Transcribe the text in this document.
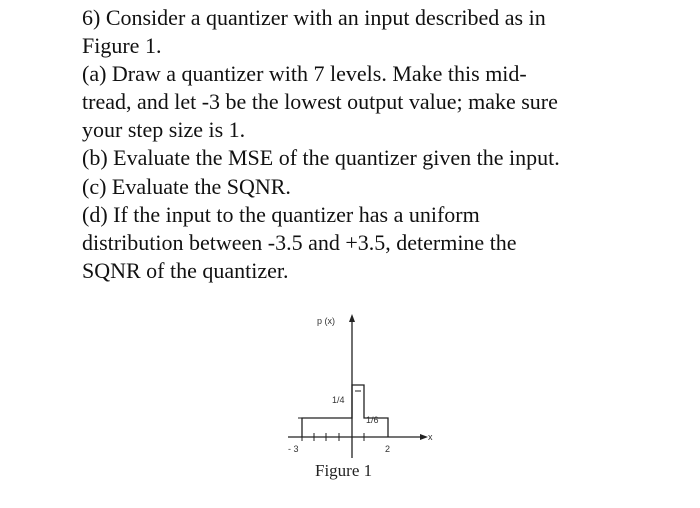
6) Consider a quantizer with an input described as in
Figure 1.
(a) Draw a quantizer with 7 levels. Make this mid-
tread, and let -3 be the lowest output value; make sure
your step size is 1.
(b) Evaluate the MSE of the quantizer given the input.
(c) Evaluate the SQNR.
(d) If the input to the quantizer has a uniform
distribution between -3.5 and +3.5, determine the
SQNR of the quantizer.
p (x)
x
1/4
1/6
- 3	2
Figure 1
